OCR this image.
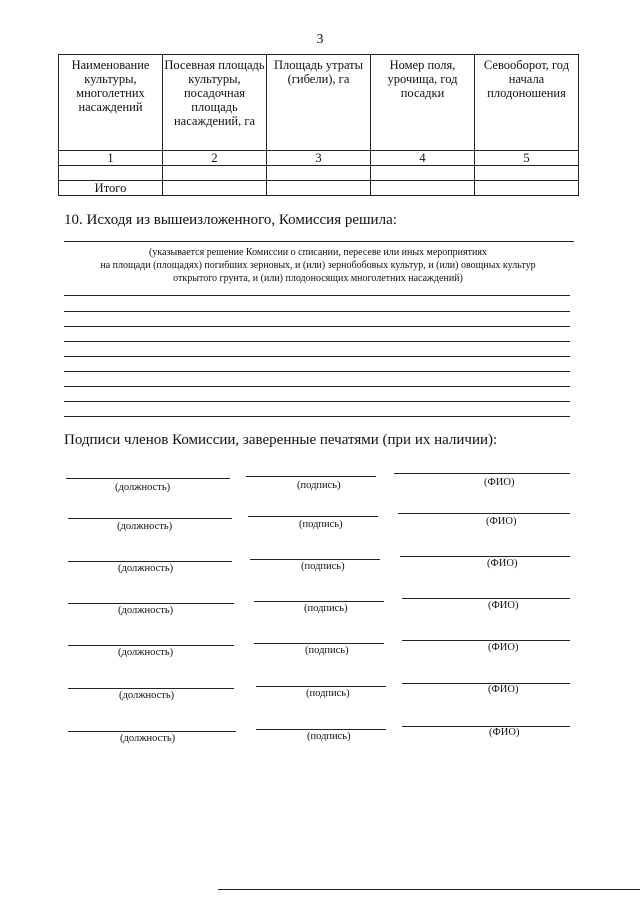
3
Наименование культуры, многолетних насаждений	Посевная площадь культуры, посадочная площадь насаждений, га	Площадь утраты (гибели), га	Номер поля, урочища, год посадки	Севооборот, год начала плодоношения
1	2	3	4	5

Итого				
10. Исходя из вышеизложенного, Комиссия решила:
(указывается решение Комиссии о списании, пересеве или иных мероприятиях
на площади (площадях) погибших зерновых, и (или) зернобобовых культур, и (или) овощных культур
открытого грунта, и (или) плодоносящих многолетних насаждений)
Подписи членов Комиссии, заверенные печатями (при их наличии):
(должность)	(подпись)	(ФИО)
(должность)	(подпись)	(ФИО)
(должность)	(подпись)	(ФИО)
(должность)	(подпись)	(ФИО)
(должность)	(подпись)	(ФИО)
(должность)	(подпись)	(ФИО)
(должность)	(подпись)	(ФИО)
